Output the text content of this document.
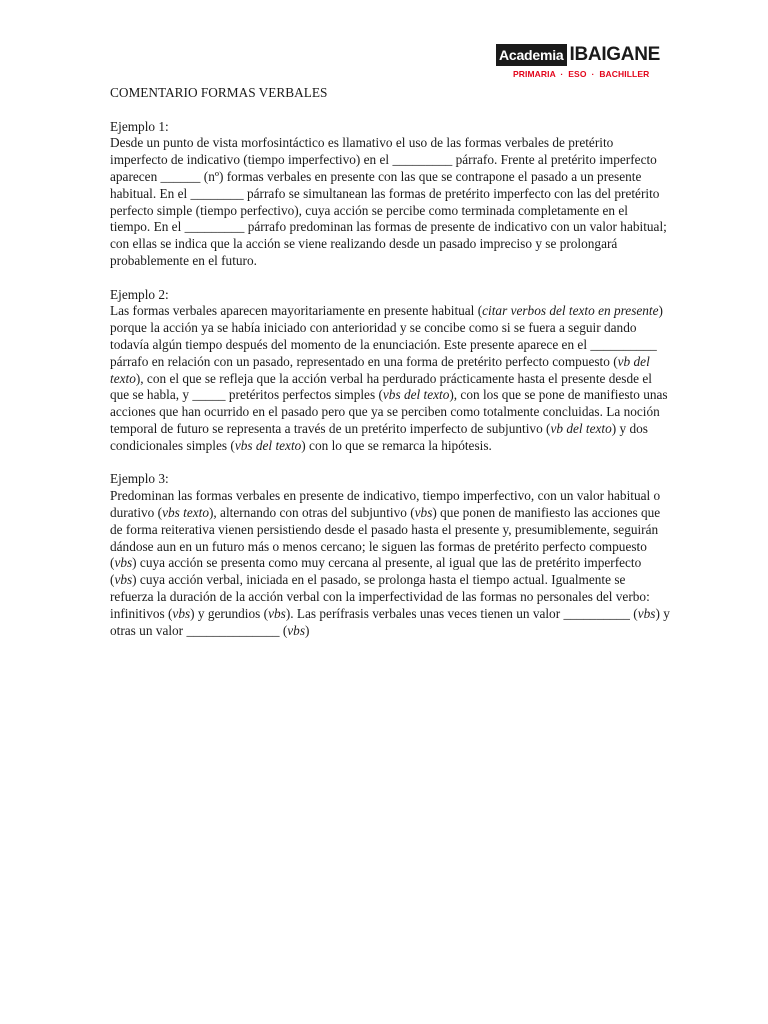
Academia IBAIGANE
PRIMARIA  ·  ESO  ·  BACHILLER

COMENTARIO FORMAS VERBALES

Ejemplo 1:

Desde un punto de vista morfosintáctico es llamativo el uso de las formas verbales de pretérito imperfecto de indicativo (tiempo imperfectivo) en el _________ párrafo. Frente al pretérito imperfecto aparecen ______ (nº) formas verbales en presente con las que se contrapone el pasado a un presente habitual. En el ________ párrafo se simultanean las formas de pretérito imperfecto con las del pretérito perfecto simple (tiempo perfectivo), cuya acción se percibe como terminada completamente en el tiempo. En el _________ párrafo predominan las formas de presente de indicativo con un valor habitual; con ellas se indica que la acción se viene realizando desde un pasado impreciso y se prolongará probablemente en el futuro.

Ejemplo 2:

Las formas verbales aparecen mayoritariamente en presente habitual (citar verbos del texto en presente) porque la acción ya se había iniciado con anterioridad y se concibe como si se fuera a seguir dando todavía algún tiempo después del momento de la enunciación. Este presente aparece en el __________ párrafo en relación con un pasado, representado en una forma de pretérito perfecto compuesto (vb del texto), con el que se refleja que la acción verbal ha perdurado prácticamente hasta el presente desde el que se habla, y _____ pretéritos perfectos simples (vbs del texto), con los que se pone de manifiesto unas acciones que han ocurrido en el pasado pero que ya se perciben como totalmente concluidas. La noción temporal de futuro se representa a través de un pretérito imperfecto de subjuntivo (vb del texto) y dos condicionales simples (vbs del texto) con lo que se remarca la hipótesis.

Ejemplo 3:

Predominan las formas verbales en presente de indicativo, tiempo imperfectivo, con un valor habitual o durativo (vbs texto), alternando con otras del subjuntivo (vbs) que ponen de manifiesto las acciones que de forma reiterativa vienen persistiendo desde el pasado hasta el presente y, presumiblemente, seguirán dándose aun en un futuro más o menos cercano; le siguen las formas de pretérito perfecto compuesto (vbs) cuya acción se presenta como muy cercana al presente, al igual que las de pretérito imperfecto (vbs) cuya acción verbal, iniciada en el pasado, se prolonga hasta el tiempo actual. Igualmente se refuerza la duración de la acción verbal con la imperfectividad de las formas no personales del verbo: infinitivos (vbs) y gerundios (vbs). Las perífrasis verbales unas veces tienen un valor __________ (vbs) y otras un valor ______________ (vbs)
